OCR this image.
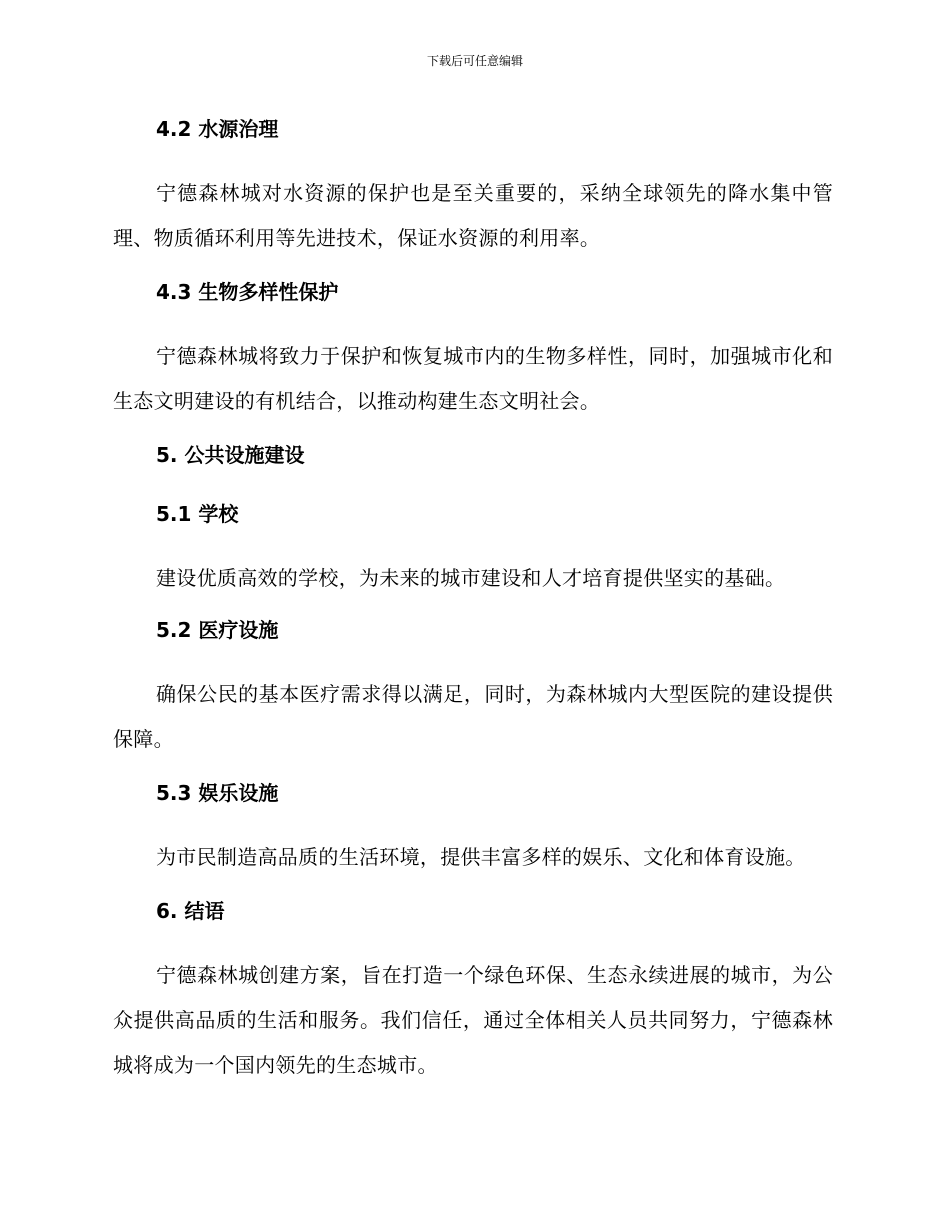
下载后可任意编辑
4.2 水源治理
宁德森林城对水资源的保护也是至关重要的，采纳全球领先的降水集中管理、物质循环利用等先进技术，保证水资源的利用率。
4.3 生物多样性保护
宁德森林城将致力于保护和恢复城市内的生物多样性，同时，加强城市化和生态文明建设的有机结合，以推动构建生态文明社会。
5. 公共设施建设
5.1 学校
建设优质高效的学校，为未来的城市建设和人才培育提供坚实的基础。
5.2 医疗设施
确保公民的基本医疗需求得以满足，同时，为森林城内大型医院的建设提供保障。
5.3 娱乐设施
为市民制造高品质的生活环境，提供丰富多样的娱乐、文化和体育设施。
6. 结语
宁德森林城创建方案，旨在打造一个绿色环保、生态永续进展的城市，为公众提供高品质的生活和服务。我们信任，通过全体相关人员共同努力，宁德森林城将成为一个国内领先的生态城市。
